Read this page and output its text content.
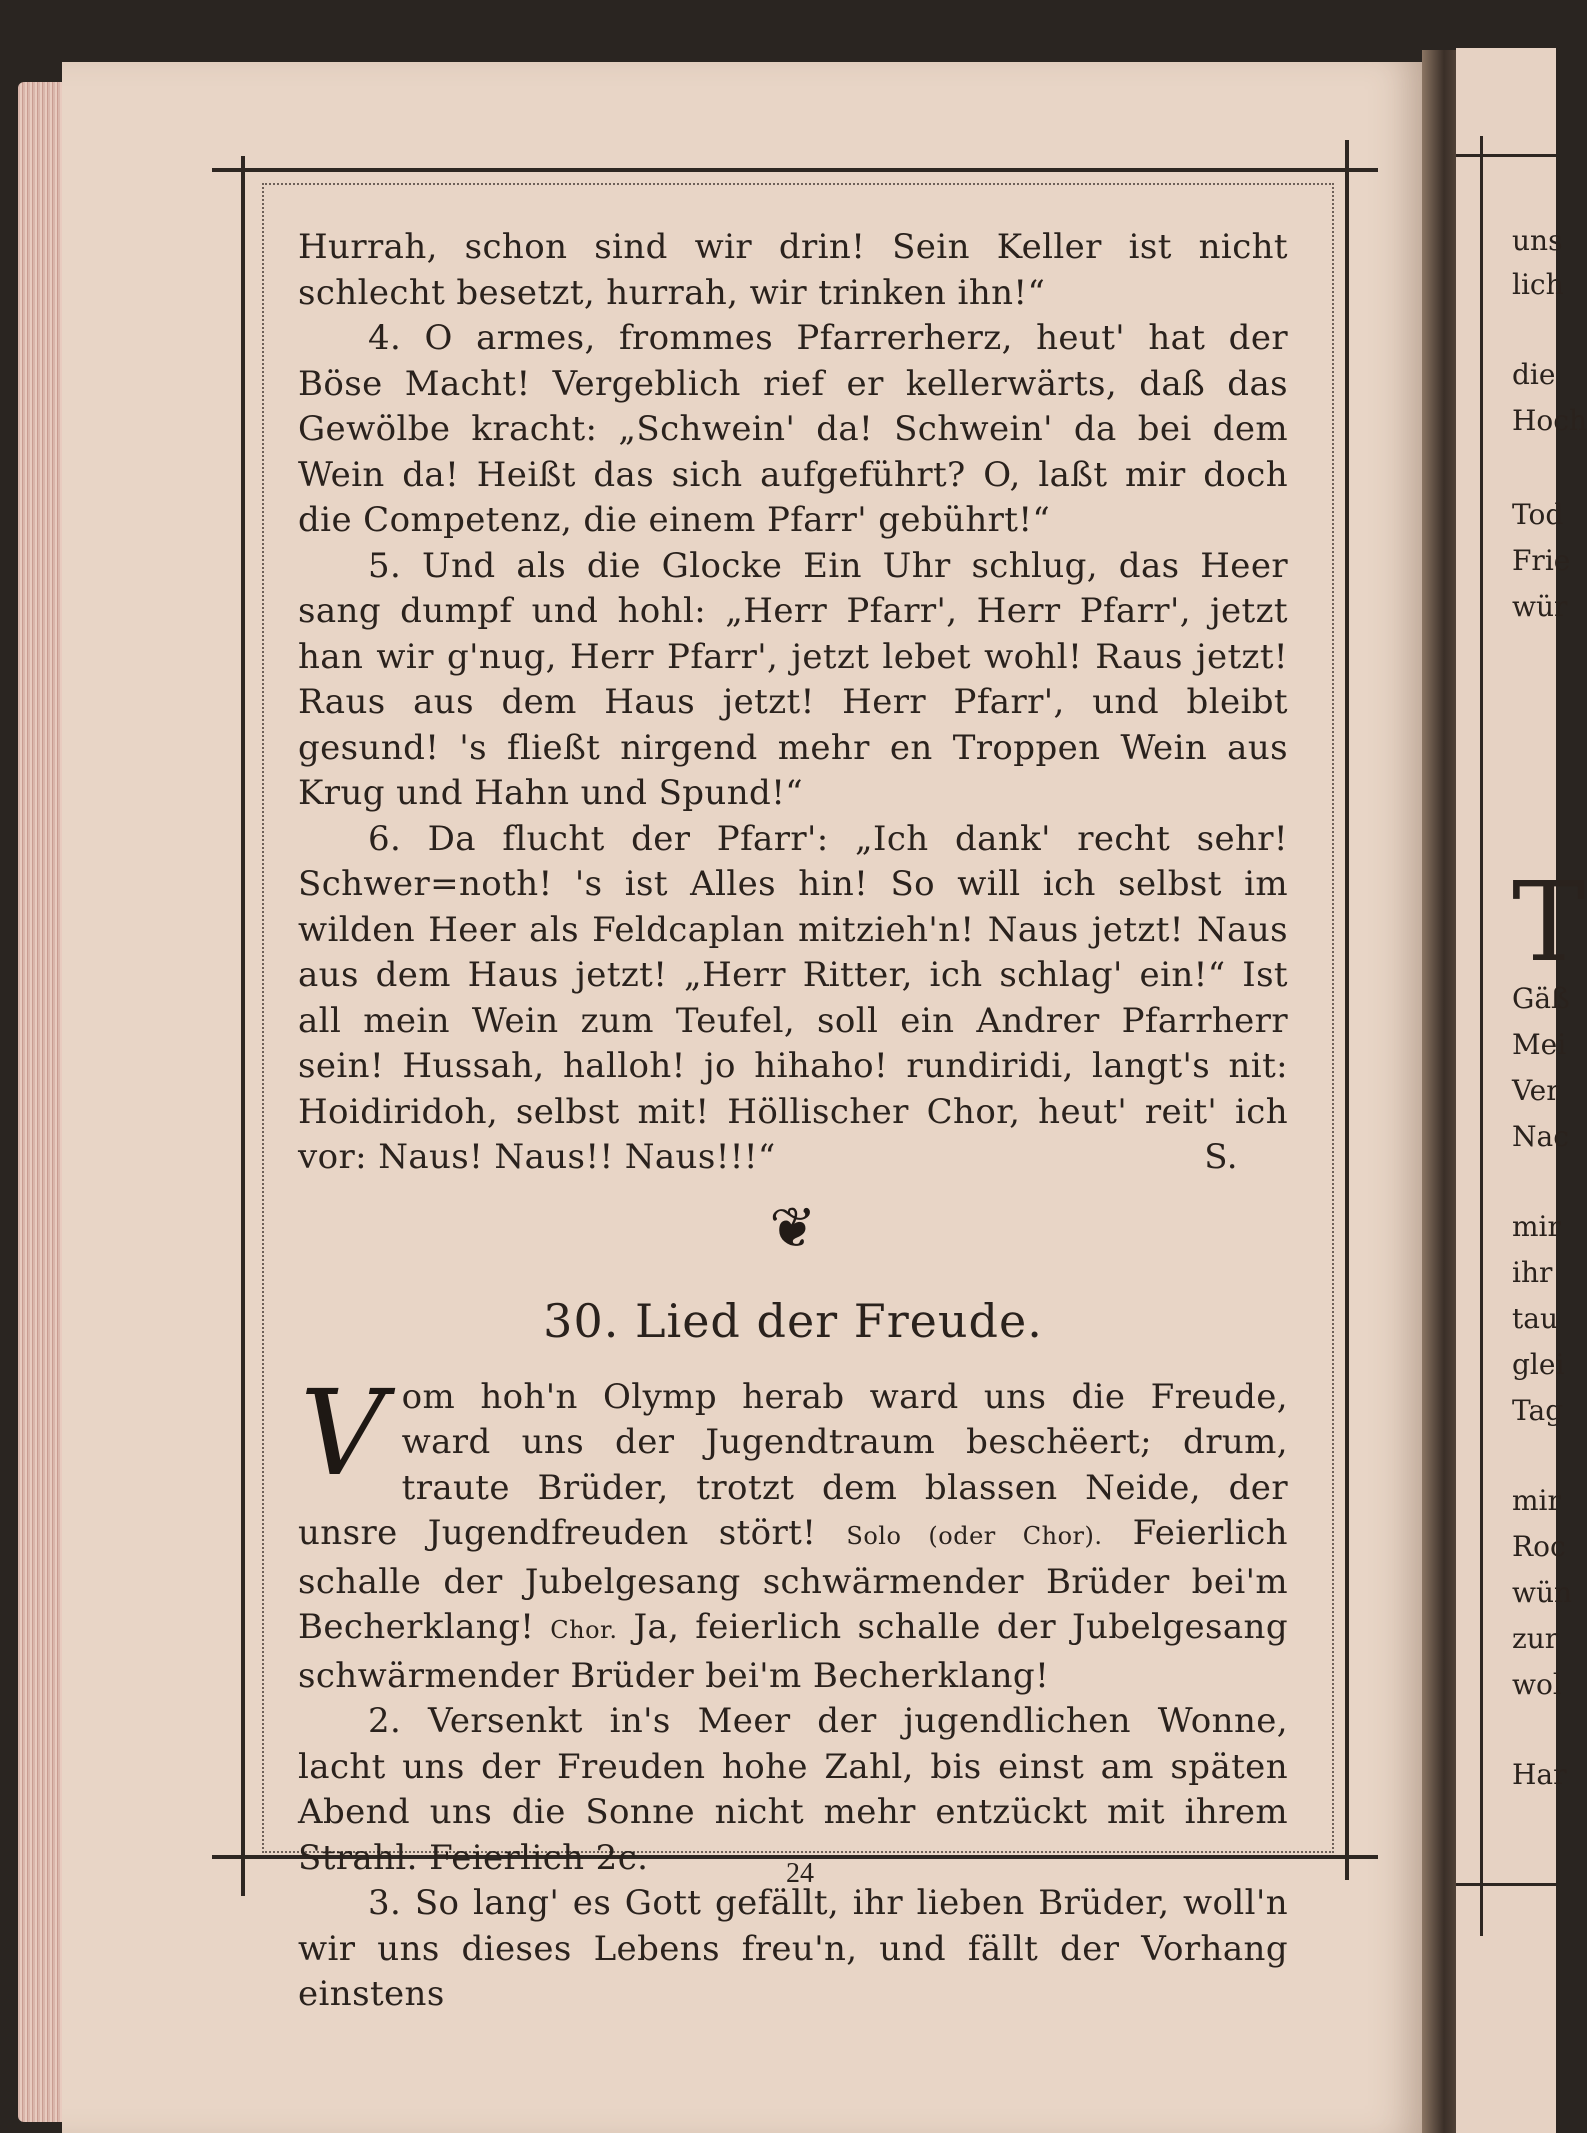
Hurrah, schon sind wir drin! Sein Keller ist nicht schlecht besetzt, hurrah, wir trinken ihn!“

4. O armes, frommes Pfarrerherz, heut' hat der Böse Macht! Vergeblich rief er kellerwärts, daß das Gewölbe kracht: „Schwein' da! Schwein' da bei dem Wein da! Heißt das sich aufgeführt? O, laßt mir doch die Competenz, die einem Pfarr' gebührt!“

5. Und als die Glocke Ein Uhr schlug, das Heer sang dumpf und hohl: „Herr Pfarr', Herr Pfarr', jetzt han wir g'nug, Herr Pfarr', jetzt lebet wohl! Raus jetzt! Raus aus dem Haus jetzt! Herr Pfarr', und bleibt gesund! 's fließt nirgend mehr en Troppen Wein aus Krug und Hahn und Spund!“

6. Da flucht der Pfarr': „Ich dank' recht sehr! Schwer=noth! 's ist Alles hin! So will ich selbst im wilden Heer als Feldcaplan mitzieh'n! Naus jetzt! Naus aus dem Haus jetzt! „Herr Ritter, ich schlag' ein!“ Ist all mein Wein zum Teufel, soll ein Andrer Pfarrherr sein! Hussah, halloh! jo hihaho! rundiridi, langt's nit: Hoidiridoh, selbst mit! Höllischer Chor, heut' reit' ich vor: Naus! Naus!! Naus!!!“	S.

❦
30. Lied der Freude.

Vom hoh'n Olymp herab ward uns die Freude, ward uns der Jugendtraum beschëert; drum, traute Brüder, trotzt dem blassen Neide, der unsre Jugendfreuden stört! Solo (oder Chor). Feierlich schalle der Jubelgesang schwärmender Brüder bei'm Becherklang! Chor. Ja, feierlich schalle der Jubelgesang schwärmender Brüder bei'm Becherklang!

2. Versenkt in's Meer der jugendlichen Wonne, lacht uns der Freuden hohe Zahl, bis einst am späten Abend uns die Sonne nicht mehr entzückt mit ihrem Strahl. Feierlich 2c.

3. So lang' es Gott gefällt, ihr lieben Brüder, woll'n wir uns dieses Lebens freu'n, und fällt der Vorhang einstens

24
uns
lich
die
Hoch
Tod
Frie
wür
T
Gäß
Mei
Ver
Nac
mir
ihr
tau
glei
Tag
mir
Roc
wün
zur
wol
Har
